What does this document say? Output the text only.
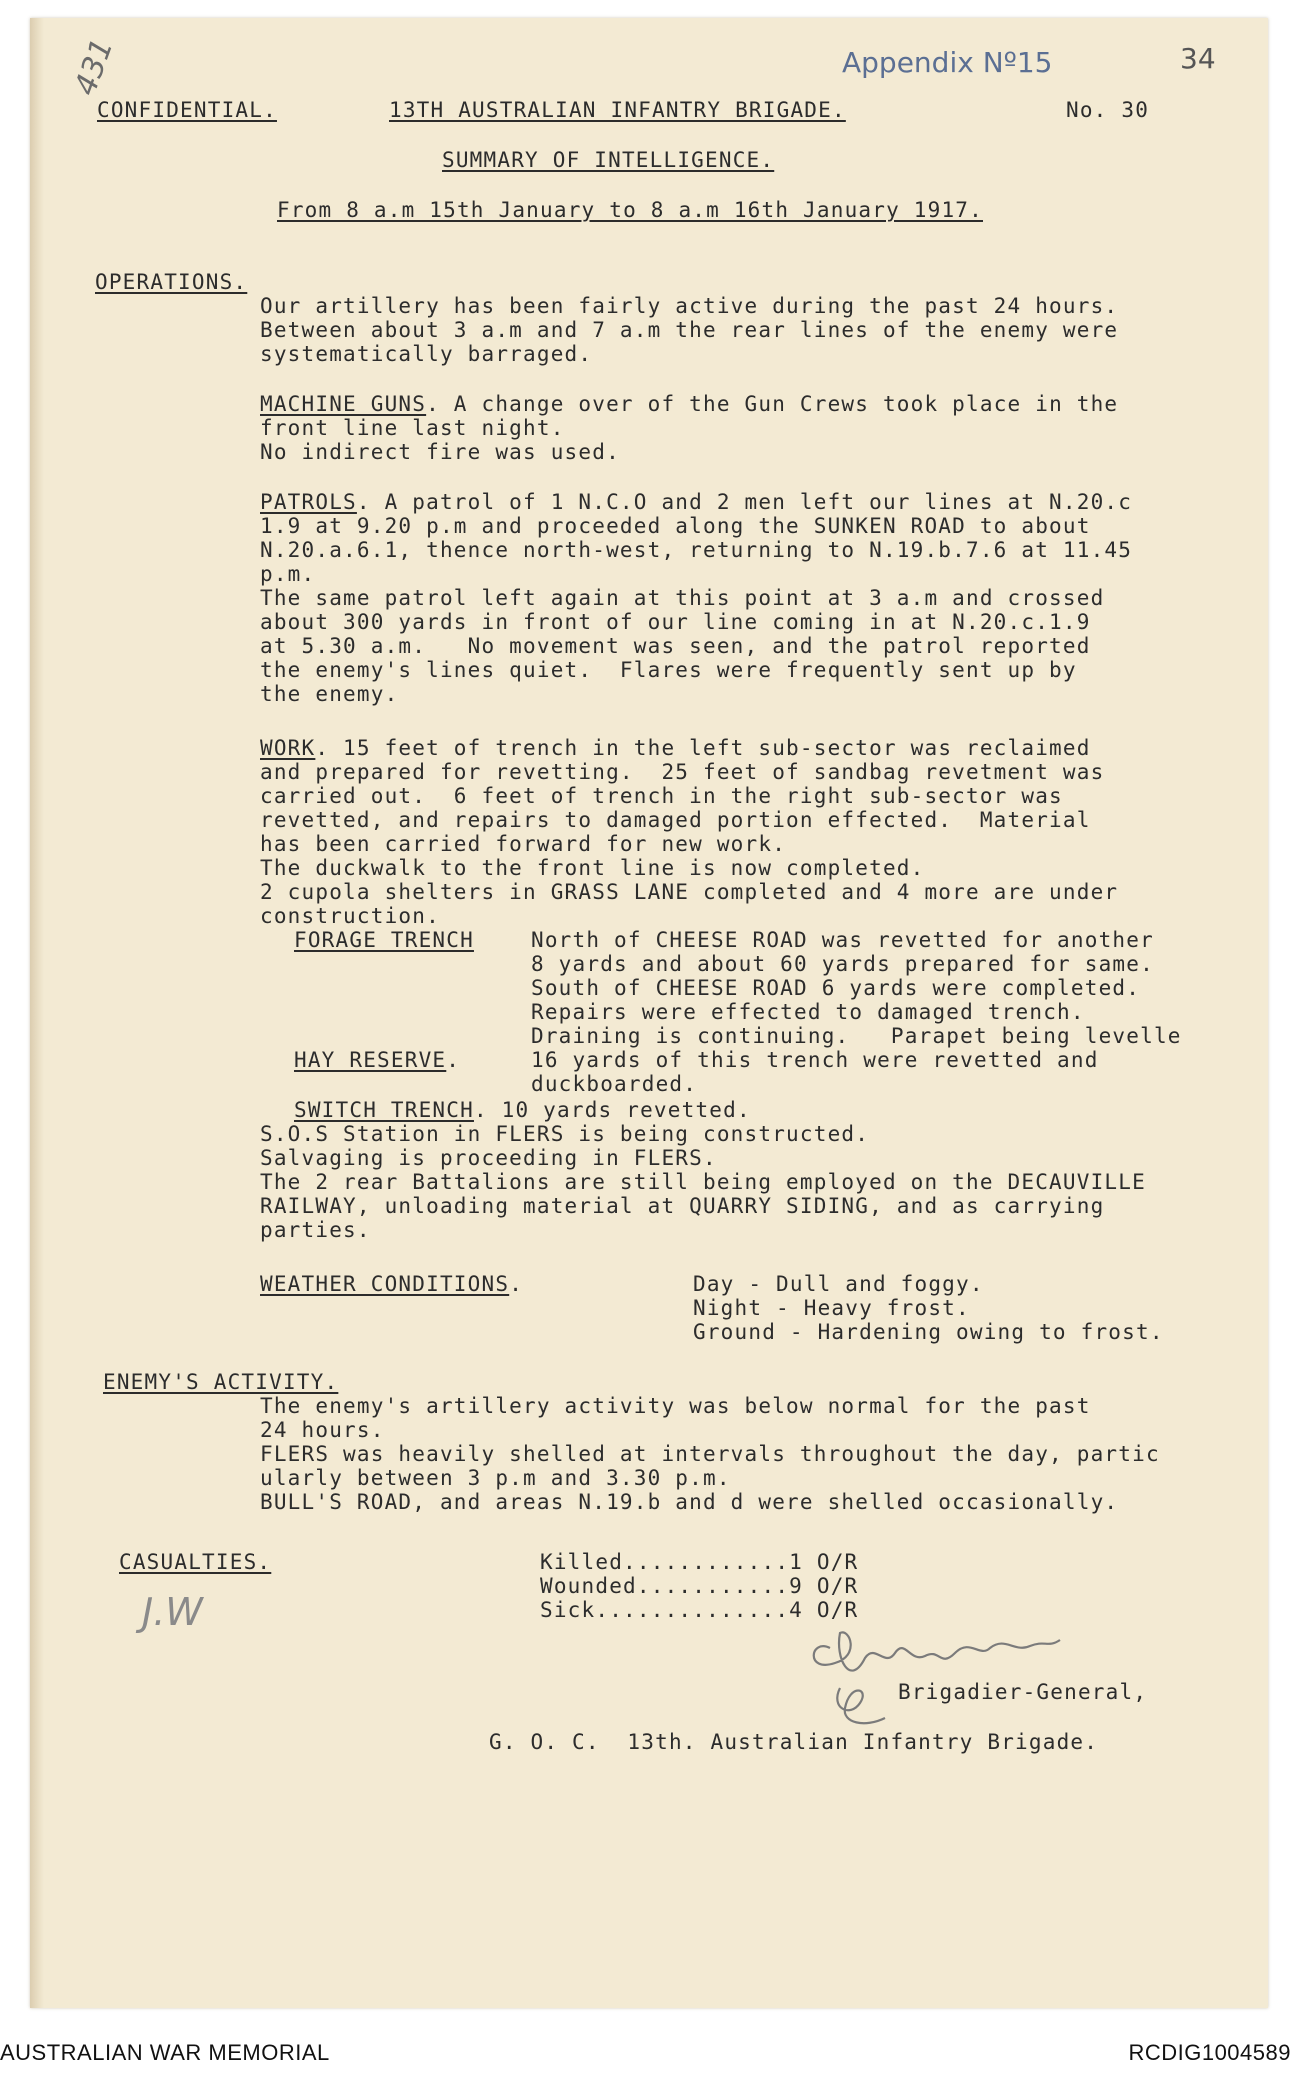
431	Appendix Nº15	34
CONFIDENTIAL.	13TH AUSTRALIAN INFANTRY BRIGADE.	No. 30
SUMMARY OF INTELLIGENCE.
From 8 a.m 15th January to 8 a.m 16th January 1917.
OPERATIONS.
Our artillery has been fairly active during the past 24 hours.
Between about 3 a.m and 7 a.m the rear lines of the enemy were
systematically barraged.
MACHINE GUNS. A change over of the Gun Crews took place in the
front line last night.
No indirect fire was used.
PATROLS. A patrol of 1 N.C.O and 2 men left our lines at N.20.c
1.9 at 9.20 p.m and proceeded along the SUNKEN ROAD to about
N.20.a.6.1, thence north-west, returning to N.19.b.7.6 at 11.45
p.m.
The same patrol left again at this point at 3 a.m and crossed
about 300 yards in front of our line coming in at N.20.c.1.9
at 5.30 a.m.   No movement was seen, and the patrol reported
the enemy's lines quiet.  Flares were frequently sent up by
the enemy.
WORK. 15 feet of trench in the left sub-sector was reclaimed
and prepared for revetting.  25 feet of sandbag revetment was
carried out.  6 feet of trench in the right sub-sector was
revetted, and repairs to damaged portion effected.  Material
has been carried forward for new work.
The duckwalk to the front line is now completed.
2 cupola shelters in GRASS LANE completed and 4 more are under
construction.
FORAGE TRENCH	North of CHEESE ROAD was revetted for another
8 yards and about 60 yards prepared for same.
South of CHEESE ROAD 6 yards were completed.
Repairs were effected to damaged trench.
Draining is continuing.   Parapet being levelle
HAY RESERVE.	16 yards of this trench were revetted and
duckboarded.
SWITCH TRENCH. 10 yards revetted.
S.O.S Station in FLERS is being constructed.
Salvaging is proceeding in FLERS.
The 2 rear Battalions are still being employed on the DECAUVILLE
RAILWAY, unloading material at QUARRY SIDING, and as carrying
parties.
WEATHER CONDITIONS.	Day - Dull and foggy.
Night - Heavy frost.
Ground - Hardening owing to frost.
ENEMY'S ACTIVITY.
The enemy's artillery activity was below normal for the past
24 hours.
FLERS was heavily shelled at intervals throughout the day, partic
ularly between 3 p.m and 3.30 p.m.
BULL'S ROAD, and areas N.19.b and d were shelled occasionally.
CASUALTIES.	Killed............1 O/R
Wounded...........9 O/R
Sick..............4 O/R
J.W
Brigadier-General,
G. O. C.  13th. Australian Infantry Brigade.
AUSTRALIAN WAR MEMORIAL	RCDIG1004589
